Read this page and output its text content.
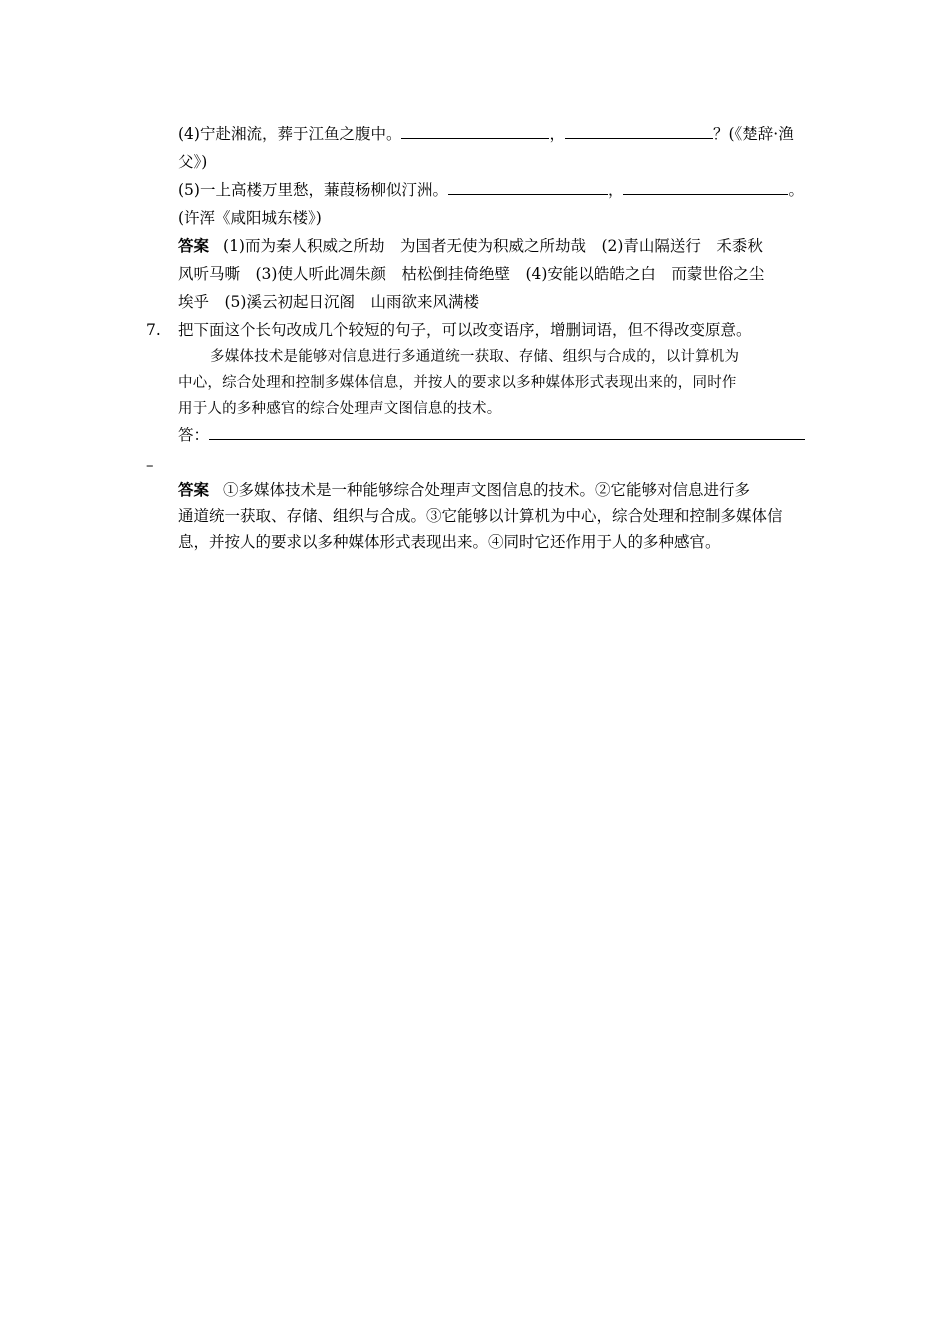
(4)宁赴湘流，葬于江鱼之腹中。	，	？(《楚辞·渔
父》)
(5)一上高楼万里愁，蒹葭杨柳似汀洲。	，	。
(许浑《咸阳城东楼》)
答案 (1)而为秦人积威之所劫　为国者无使为积威之所劫哉　(2)青山隔送行　禾黍秋
风听马嘶　(3)使人听此凋朱颜　枯松倒挂倚绝壁　(4)安能以皓皓之白　而蒙世俗之尘
埃乎　(5)溪云初起日沉阁　山雨欲来风满楼
7. 把下面这个长句改成几个较短的句子，可以改变语序，增删词语，但不得改变原意。
多媒体技术是能够对信息进行多通道统一获取、存储、组织与合成的，以计算机为
中心，综合处理和控制多媒体信息，并按人的要求以多种媒体形式表现出来的，同时作
用于人的多种感官的综合处理声文图信息的技术。
答：
–
答案 ①多媒体技术是一种能够综合处理声文图信息的技术。②它能够对信息进行多
通道统一获取、存储、组织与合成。③它能够以计算机为中心，综合处理和控制多媒体信
息，并按人的要求以多种媒体形式表现出来。④同时它还作用于人的多种感官。
